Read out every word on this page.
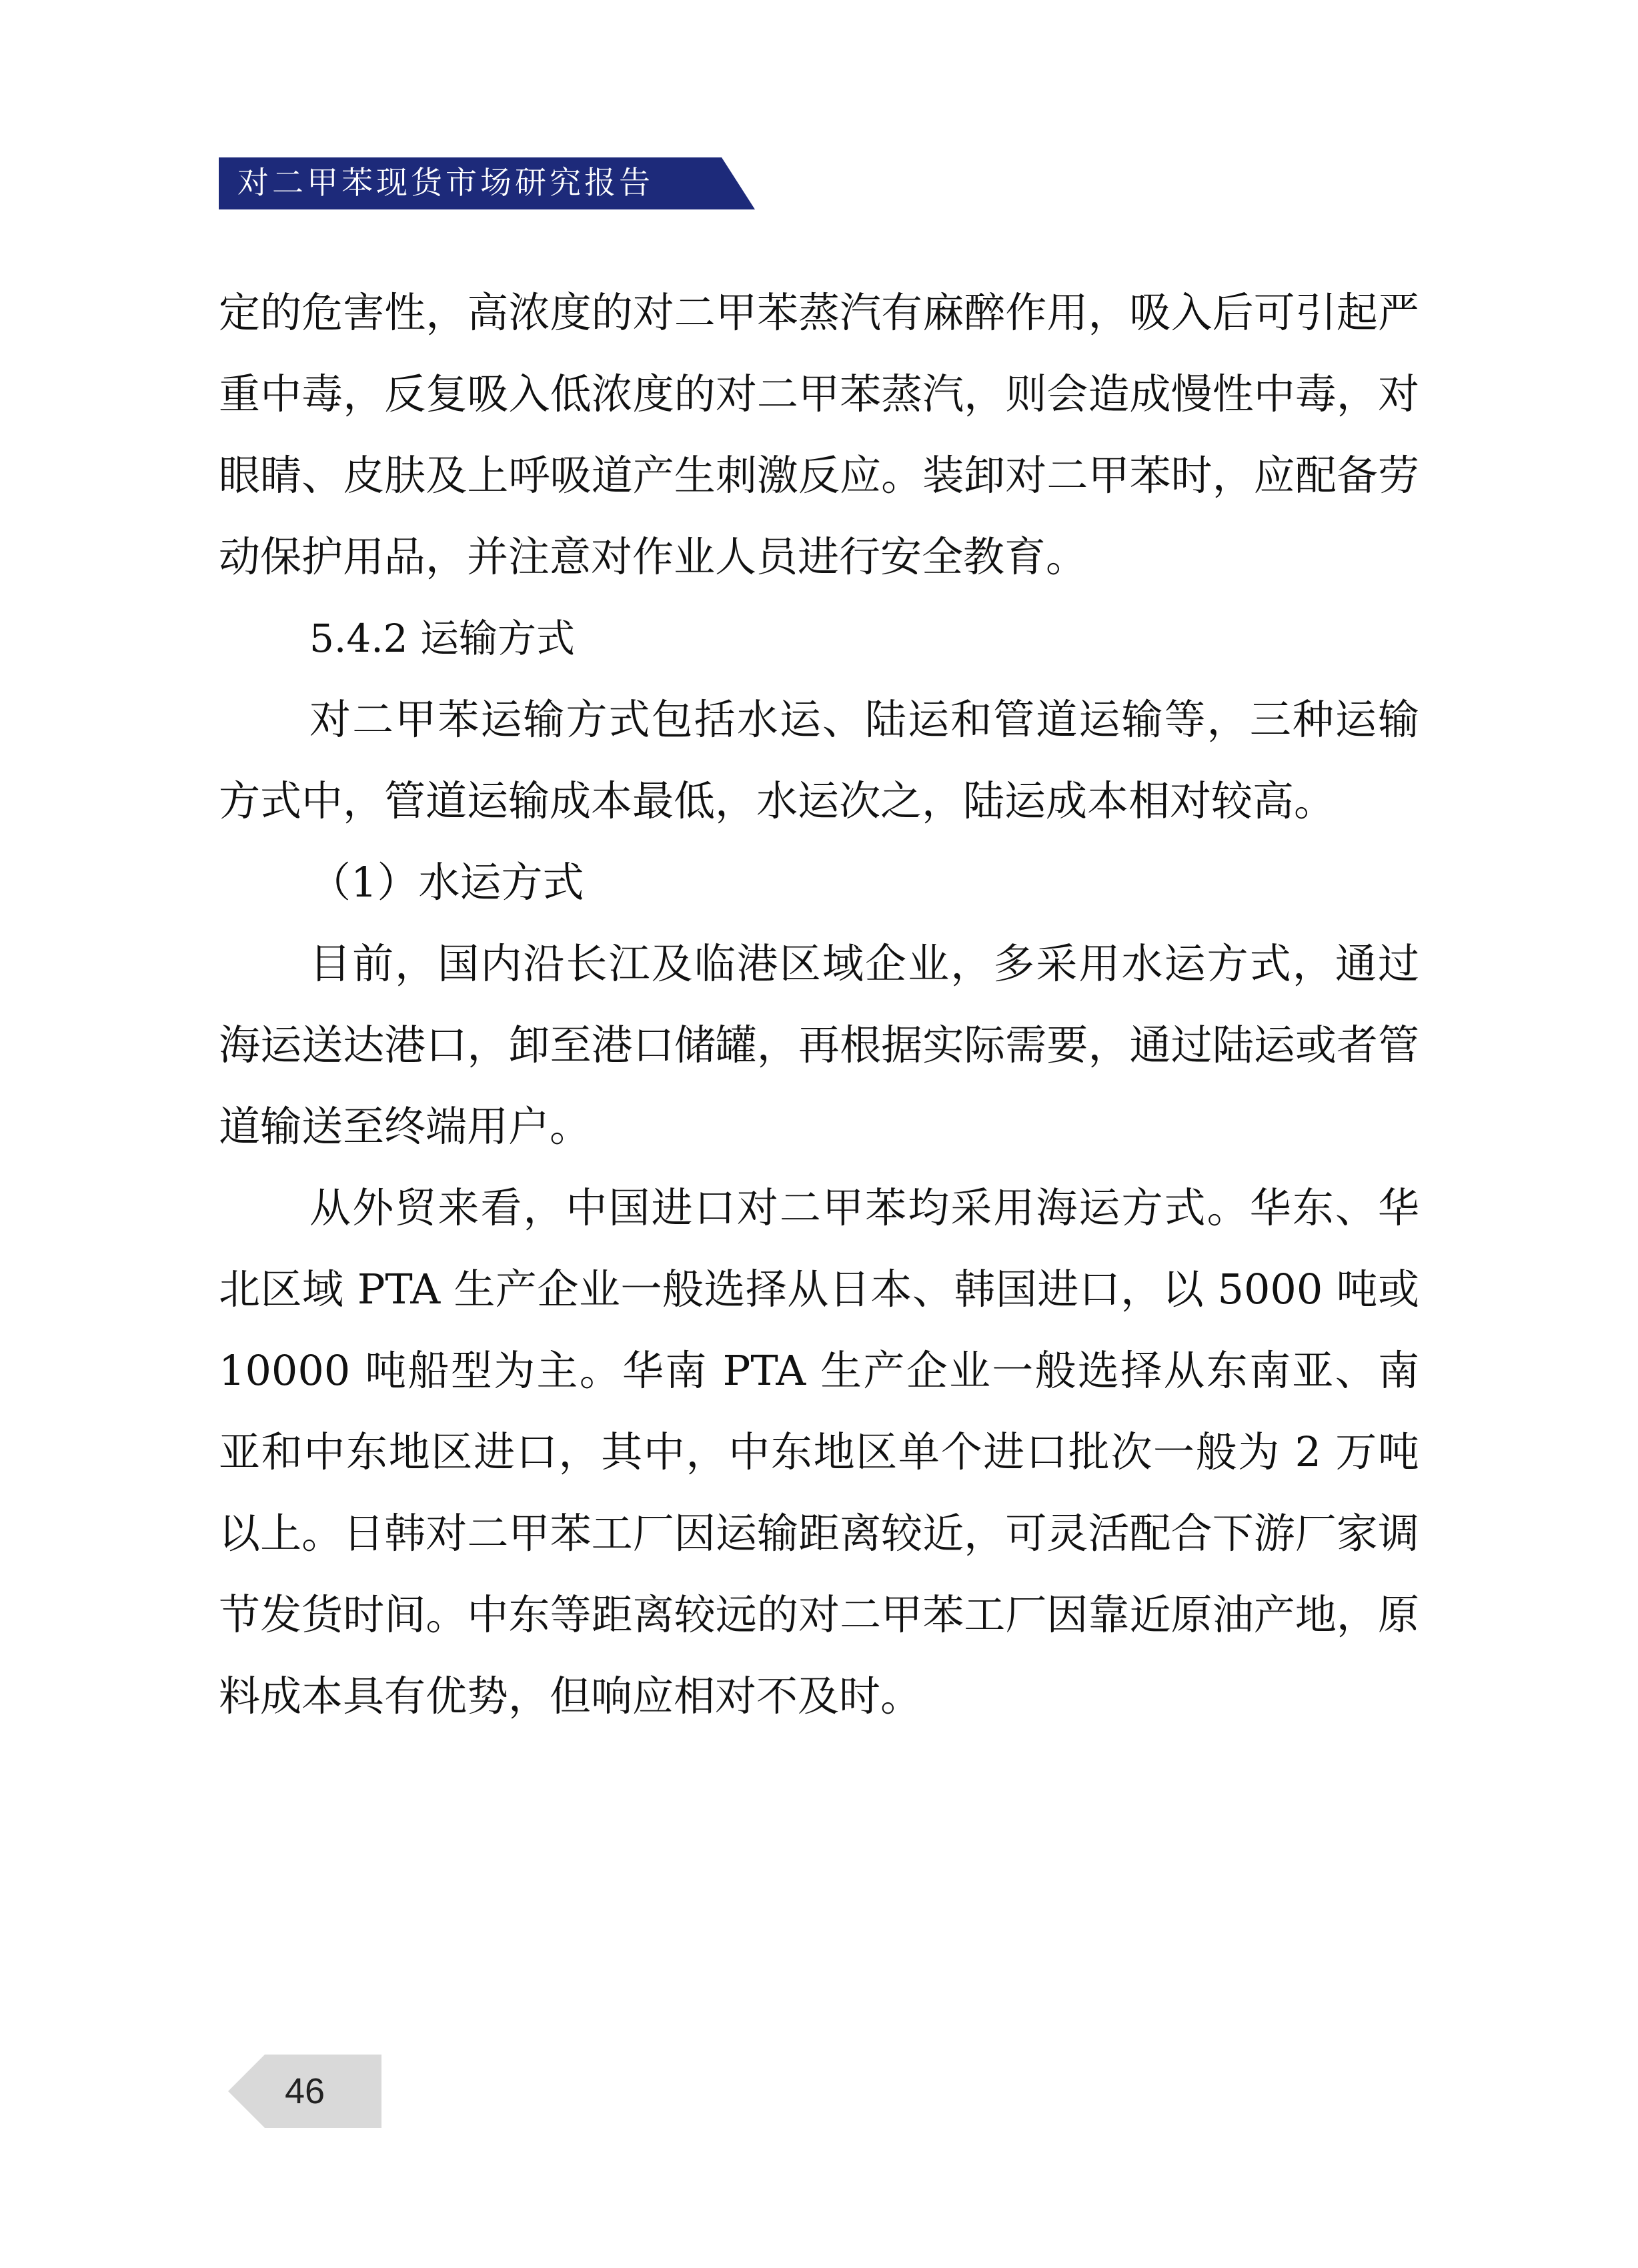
对二甲苯现货市场研究报告

定的危害性，高浓度的对二甲苯蒸汽有麻醉作用，吸入后可引起严重中毒，反复吸入低浓度的对二甲苯蒸汽，则会造成慢性中毒，对眼睛、皮肤及上呼吸道产生刺激反应。装卸对二甲苯时，应配备劳动保护用品，并注意对作业人员进行安全教育。

5.4.2 运输方式

对二甲苯运输方式包括水运、陆运和管道运输等，三种运输方式中，管道运输成本最低，水运次之，陆运成本相对较高。

（1）水运方式

目前，国内沿长江及临港区域企业，多采用水运方式，通过海运送达港口，卸至港口储罐，再根据实际需要，通过陆运或者管道输送至终端用户。

从外贸来看，中国进口对二甲苯均采用海运方式。华东、华北区域 PTA 生产企业一般选择从日本、韩国进口，以 5000 吨或 10000 吨船型为主。华南 PTA 生产企业一般选择从东南亚、南亚和中东地区进口，其中，中东地区单个进口批次一般为 2 万吨以上。日韩对二甲苯工厂因运输距离较近，可灵活配合下游厂家调节发货时间。中东等距离较远的对二甲苯工厂因靠近原油产地，原料成本具有优势，但响应相对不及时。

46
